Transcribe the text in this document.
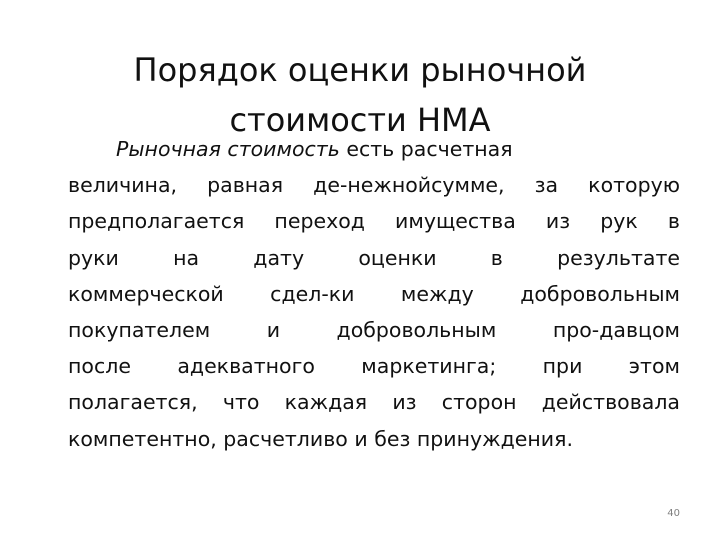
Порядок оценки рыночной
стоимости НМА
Рыночная стоимость есть расчетная
величина, равная де-нежнойсумме, за которую
предполагается переход имущества из рук в
руки на дату оценки в результате
коммерческой сдел-ки между добровольным
покупателем и добровольным про-давцом
после адекватного маркетинга; при этом
полагается, что каждая из сторон действовала
компетентно, расчетливо и без принуждения.
40
